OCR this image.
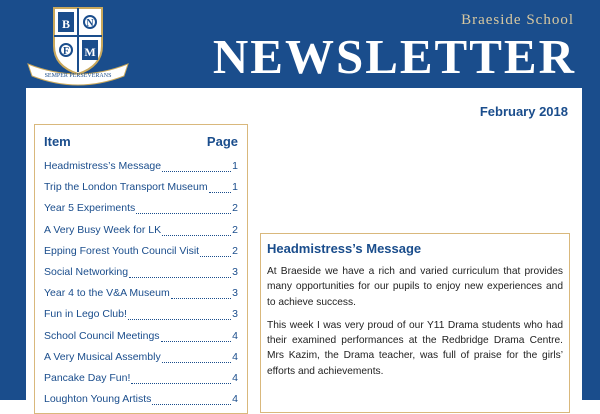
B N
F M
SEMPER PERSEVERANS

Braeside School

NEWSLETTER

February 2018

Item	Page
Headmistress’s Message	1
Trip the London Transport Museum 1
Year 5 Experiments	2
A Very Busy Week for LK	2
Epping Forest Youth Council Visit	2
Social Networking	3
Year 4 to the V&A Museum	3
Fun in Lego Club!	3
School Council Meetings	4
A Very Musical Assembly	4
Pancake Day Fun!	4
Loughton Young Artists	4
Headmistress’s Message

At Braeside we have a rich and varied curriculum that provides many opportunities for our pupils to enjoy new experiences and to achieve success.

This week I was very proud of our Y11 Drama students who had their examined performances at the Redbridge Drama Centre. Mrs Kazim, the Drama teacher, was full of praise for the girls’ efforts and achievements.
